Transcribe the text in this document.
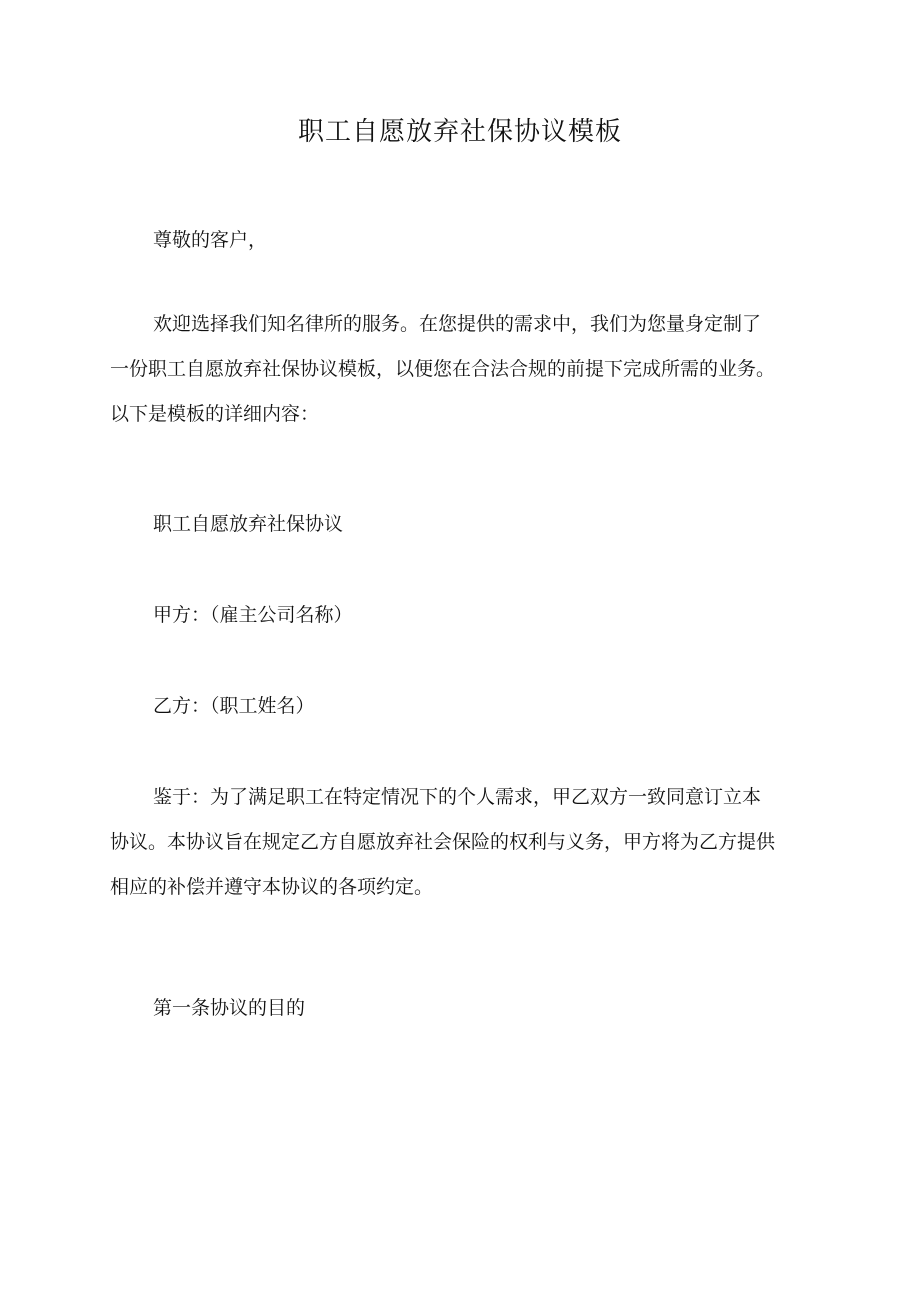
职工自愿放弃社保协议模板

尊敬的客户，

欢迎选择我们知名律所的服务。在您提供的需求中，我们为您量身定制了
一份职工自愿放弃社保协议模板，以便您在合法合规的前提下完成所需的业务。
以下是模板的详细内容：

职工自愿放弃社保协议

甲方：（雇主公司名称）

乙方：（职工姓名）

鉴于：为了满足职工在特定情况下的个人需求，甲乙双方一致同意订立本
协议。本协议旨在规定乙方自愿放弃社会保险的权利与义务，甲方将为乙方提供
相应的补偿并遵守本协议的各项约定。

第一条协议的目的
